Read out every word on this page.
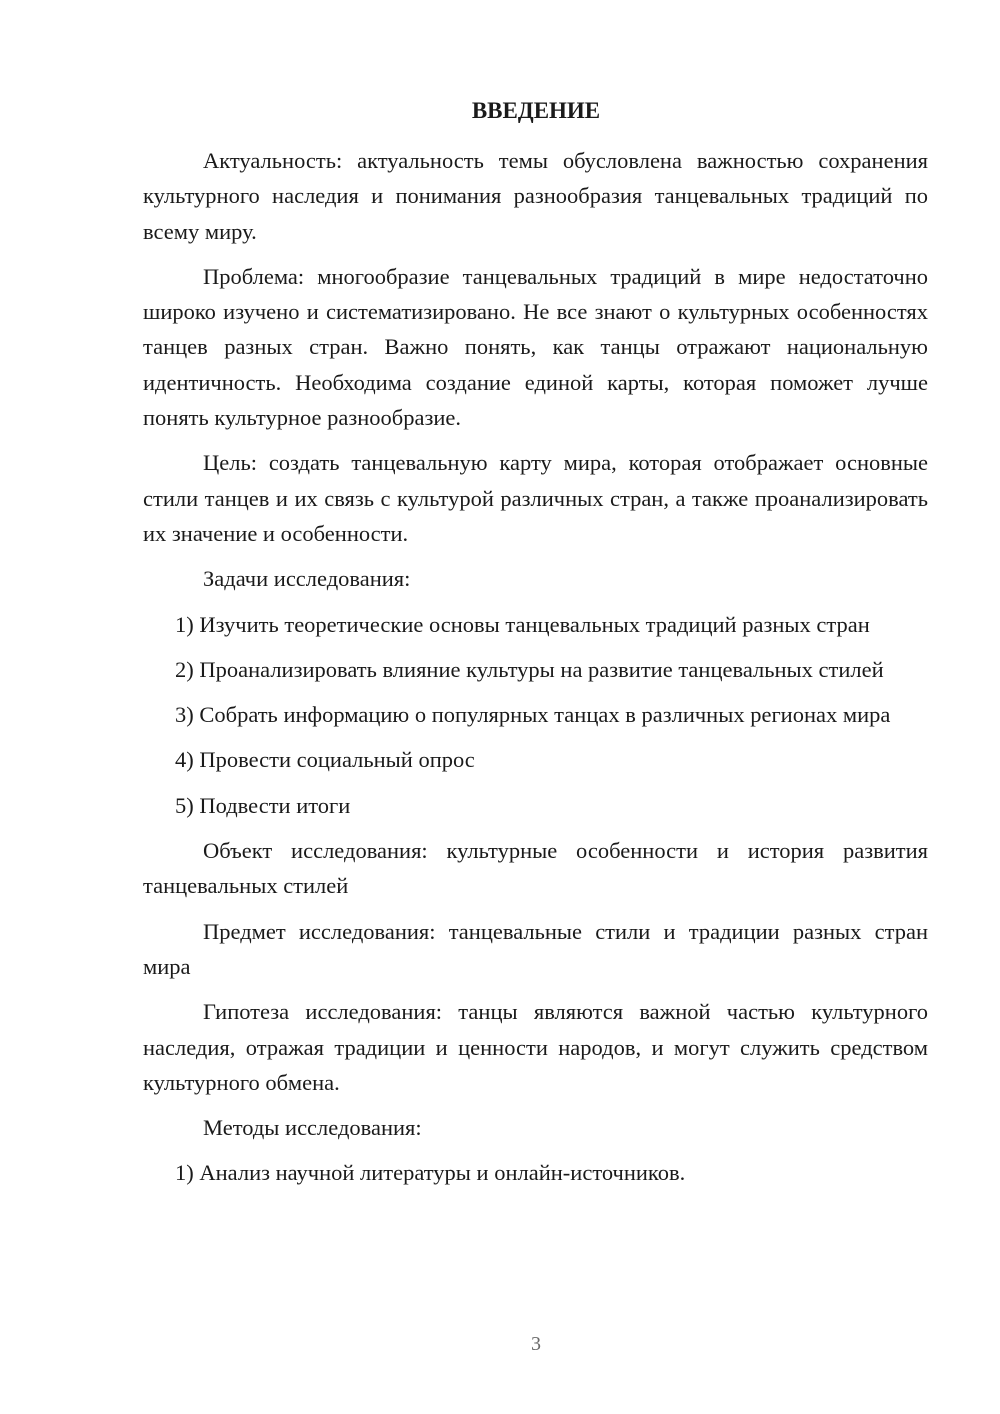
ВВЕДЕНИЕ

Актуальность: актуальность темы обусловлена важностью сохранения культурного наследия и понимания разнообразия танцевальных традиций по всему миру.

Проблема: многообразие танцевальных традиций в мире недостаточно широко изучено и систематизировано. Не все знают о культурных особенностях танцев разных стран. Важно понять, как танцы отражают национальную идентичность. Необходима создание единой карты, которая поможет лучше понять культурное разнообразие.

Цель: создать танцевальную карту мира, которая отображает основные стили танцев и их связь с культурой различных стран, а также проанализировать их значение и особенности.

Задачи исследования:

1) Изучить теоретические основы танцевальных традиций разных стран

2) Проанализировать влияние культуры на развитие танцевальных стилей

3) Собрать информацию о популярных танцах в различных регионах мира

4) Провести социальный опрос

5) Подвести итоги

Объект исследования: культурные особенности и история развития танцевальных стилей

Предмет исследования: танцевальные стили и традиции разных стран мира

Гипотеза исследования: танцы являются важной частью культурного наследия, отражая традиции и ценности народов, и могут служить средством культурного обмена.

Методы исследования:

1) Анализ научной литературы и онлайн-источников.

3
